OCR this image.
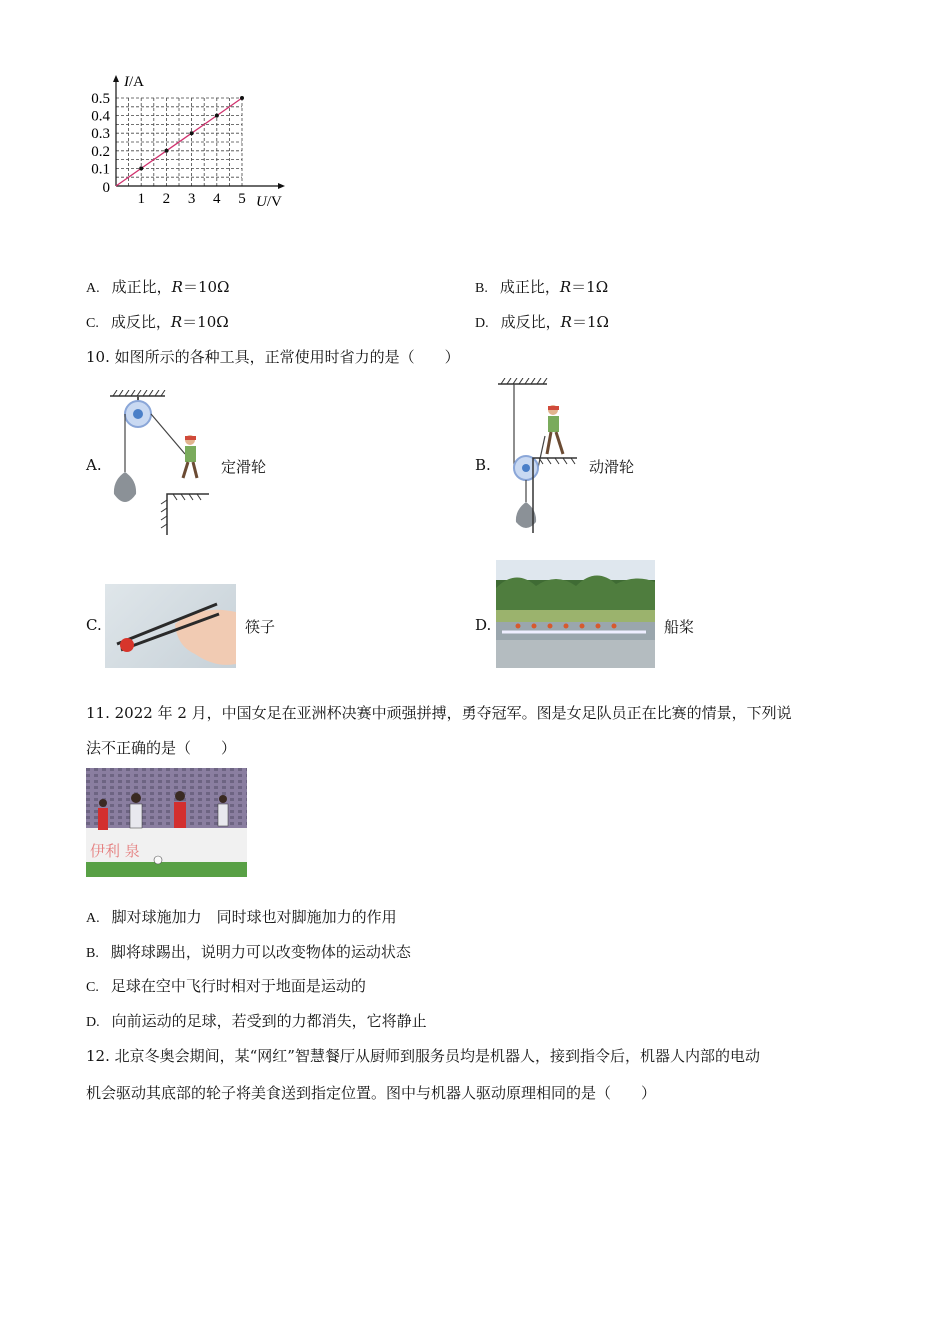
1 2 3 4 5
0.1
0.2
0.3
0.4
0.5
0
I/A
U/V
A. 成正比，R＝10Ω	B. 成正比，R＝1Ω
C. 成反比，R＝10Ω	D. 成反比，R＝1Ω
10. 如图所示的各种工具，正常使用时省力的是（　　）
A.	定滑轮	B.	动滑轮
C.	筷子	D.	船桨
11. 2022 年 2 月，中国女足在亚洲杯决赛中顽强拼搏，勇夺冠军。图是女足队员正在比赛的情景，下列说
法不正确的是（　　）
伊利 泉
A. 脚对球施加力　同时球也对脚施加力的作用
B. 脚将球踢出，说明力可以改变物体的运动状态
C. 足球在空中飞行时相对于地面是运动的
D. 向前运动的足球，若受到的力都消失，它将静止
12. 北京冬奥会期间，某“网红”智慧餐厅从厨师到服务员均是机器人，接到指令后，机器人内部的电动
机会驱动其底部的轮子将美食送到指定位置。图中与机器人驱动原理相同的是（　　）
